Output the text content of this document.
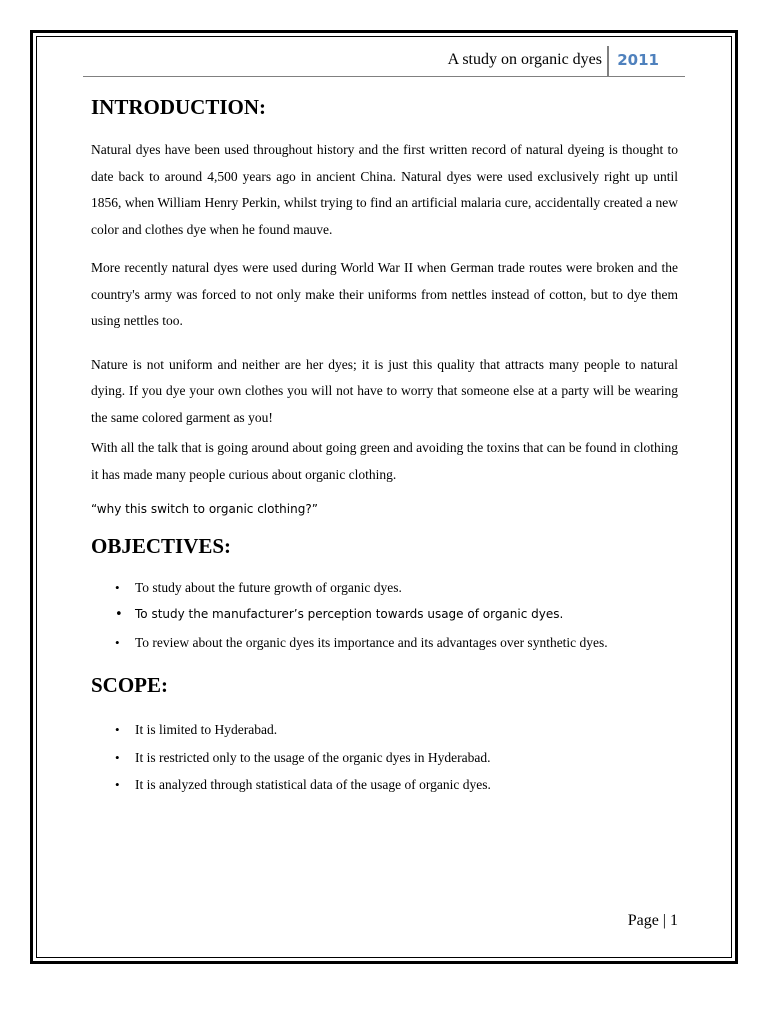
A study on organic dyes 2011
INTRODUCTION:

Natural dyes have been used throughout history and the first written record of natural dyeing is thought to date back to around 4,500 years ago in ancient China. Natural dyes were used exclusively right up until 1856, when William Henry Perkin, whilst trying to find an artificial malaria cure, accidentally created a new color and clothes dye when he found mauve.

More recently natural dyes were used during World War II when German trade routes were broken and the country's army was forced to not only make their uniforms from nettles instead of cotton, but to dye them using nettles too.

Nature is not uniform and neither are her dyes; it is just this quality that attracts many people to natural dying. If you dye your own clothes you will not have to worry that someone else at a party will be wearing the same colored garment as you!

With all the talk that is going around about going green and avoiding the toxins that can be found in clothing it has made many people curious about organic clothing.

“why this switch to organic clothing?”

OBJECTIVES:
• To study about the future growth of organic dyes.
• To study the manufacturer’s perception towards usage of organic dyes.
• To review about the organic dyes its importance and its advantages over synthetic dyes.
SCOPE:
• It is limited to Hyderabad.
• It is restricted only to the usage of the organic dyes in Hyderabad.
• It is analyzed through statistical data of the usage of organic dyes.
Page | 1
